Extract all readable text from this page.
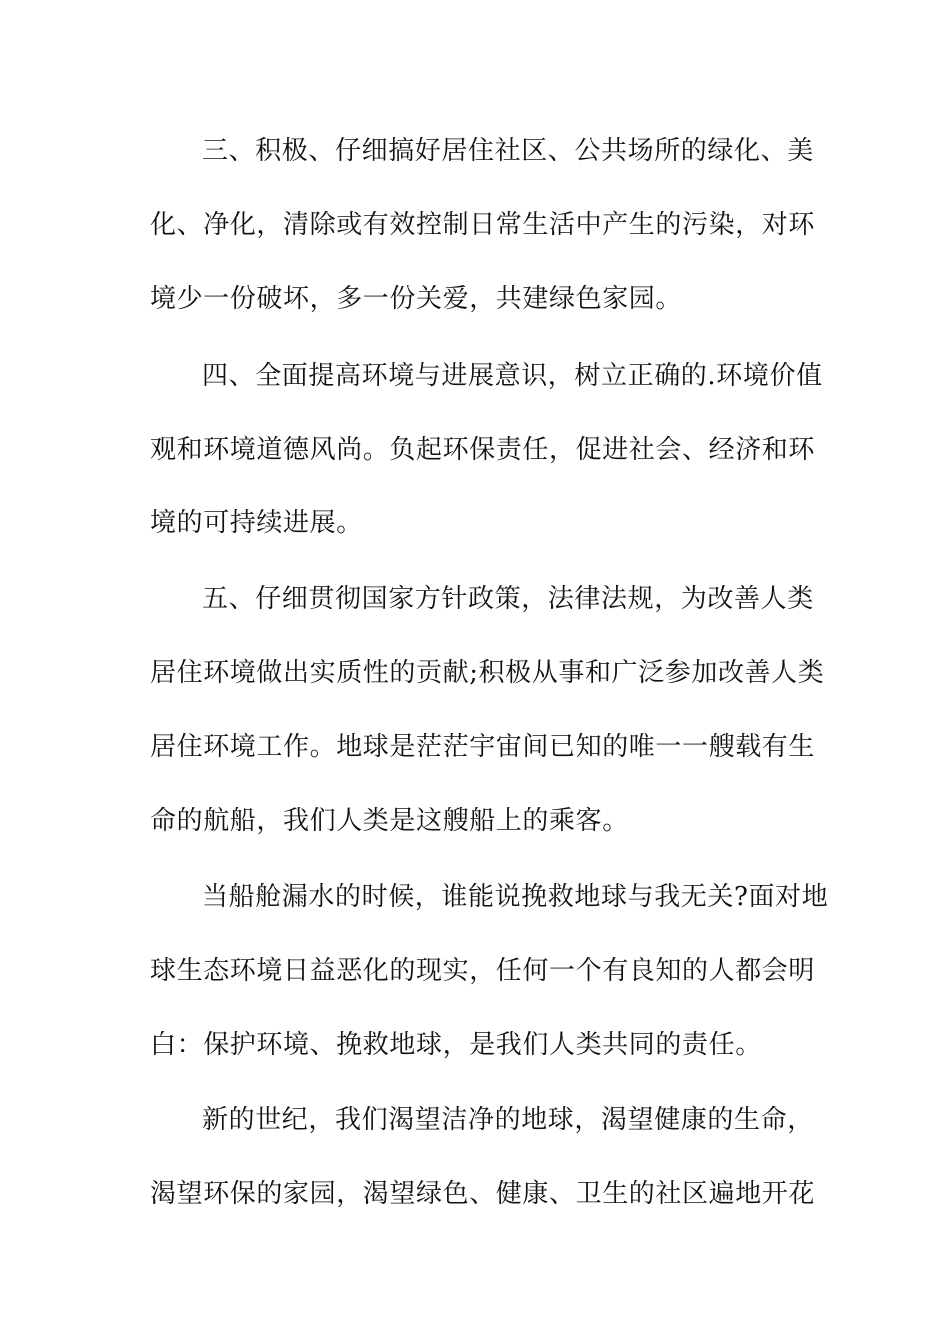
三、积极、仔细搞好居住社区、公共场所的绿化、美
化、净化，清除或有效控制日常生活中产生的污染，对环
境少一份破坏，多一份关爱，共建绿色家园。
四、全面提高环境与进展意识，树立正确的.环境价值
观和环境道德风尚。负起环保责任，促进社会、经济和环
境的可持续进展。
五、仔细贯彻国家方针政策，法律法规，为改善人类
居住环境做出实质性的贡献;积极从事和广泛参加改善人类
居住环境工作。地球是茫茫宇宙间已知的唯一一艘载有生
命的航船，我们人类是这艘船上的乘客。
当船舱漏水的时候，谁能说挽救地球与我无关?面对地
球生态环境日益恶化的现实，任何一个有良知的人都会明
白：保护环境、挽救地球，是我们人类共同的责任。
新的世纪，我们渴望洁净的地球，渴望健康的生命，
渴望环保的家园，渴望绿色、健康、卫生的社区遍地开花
